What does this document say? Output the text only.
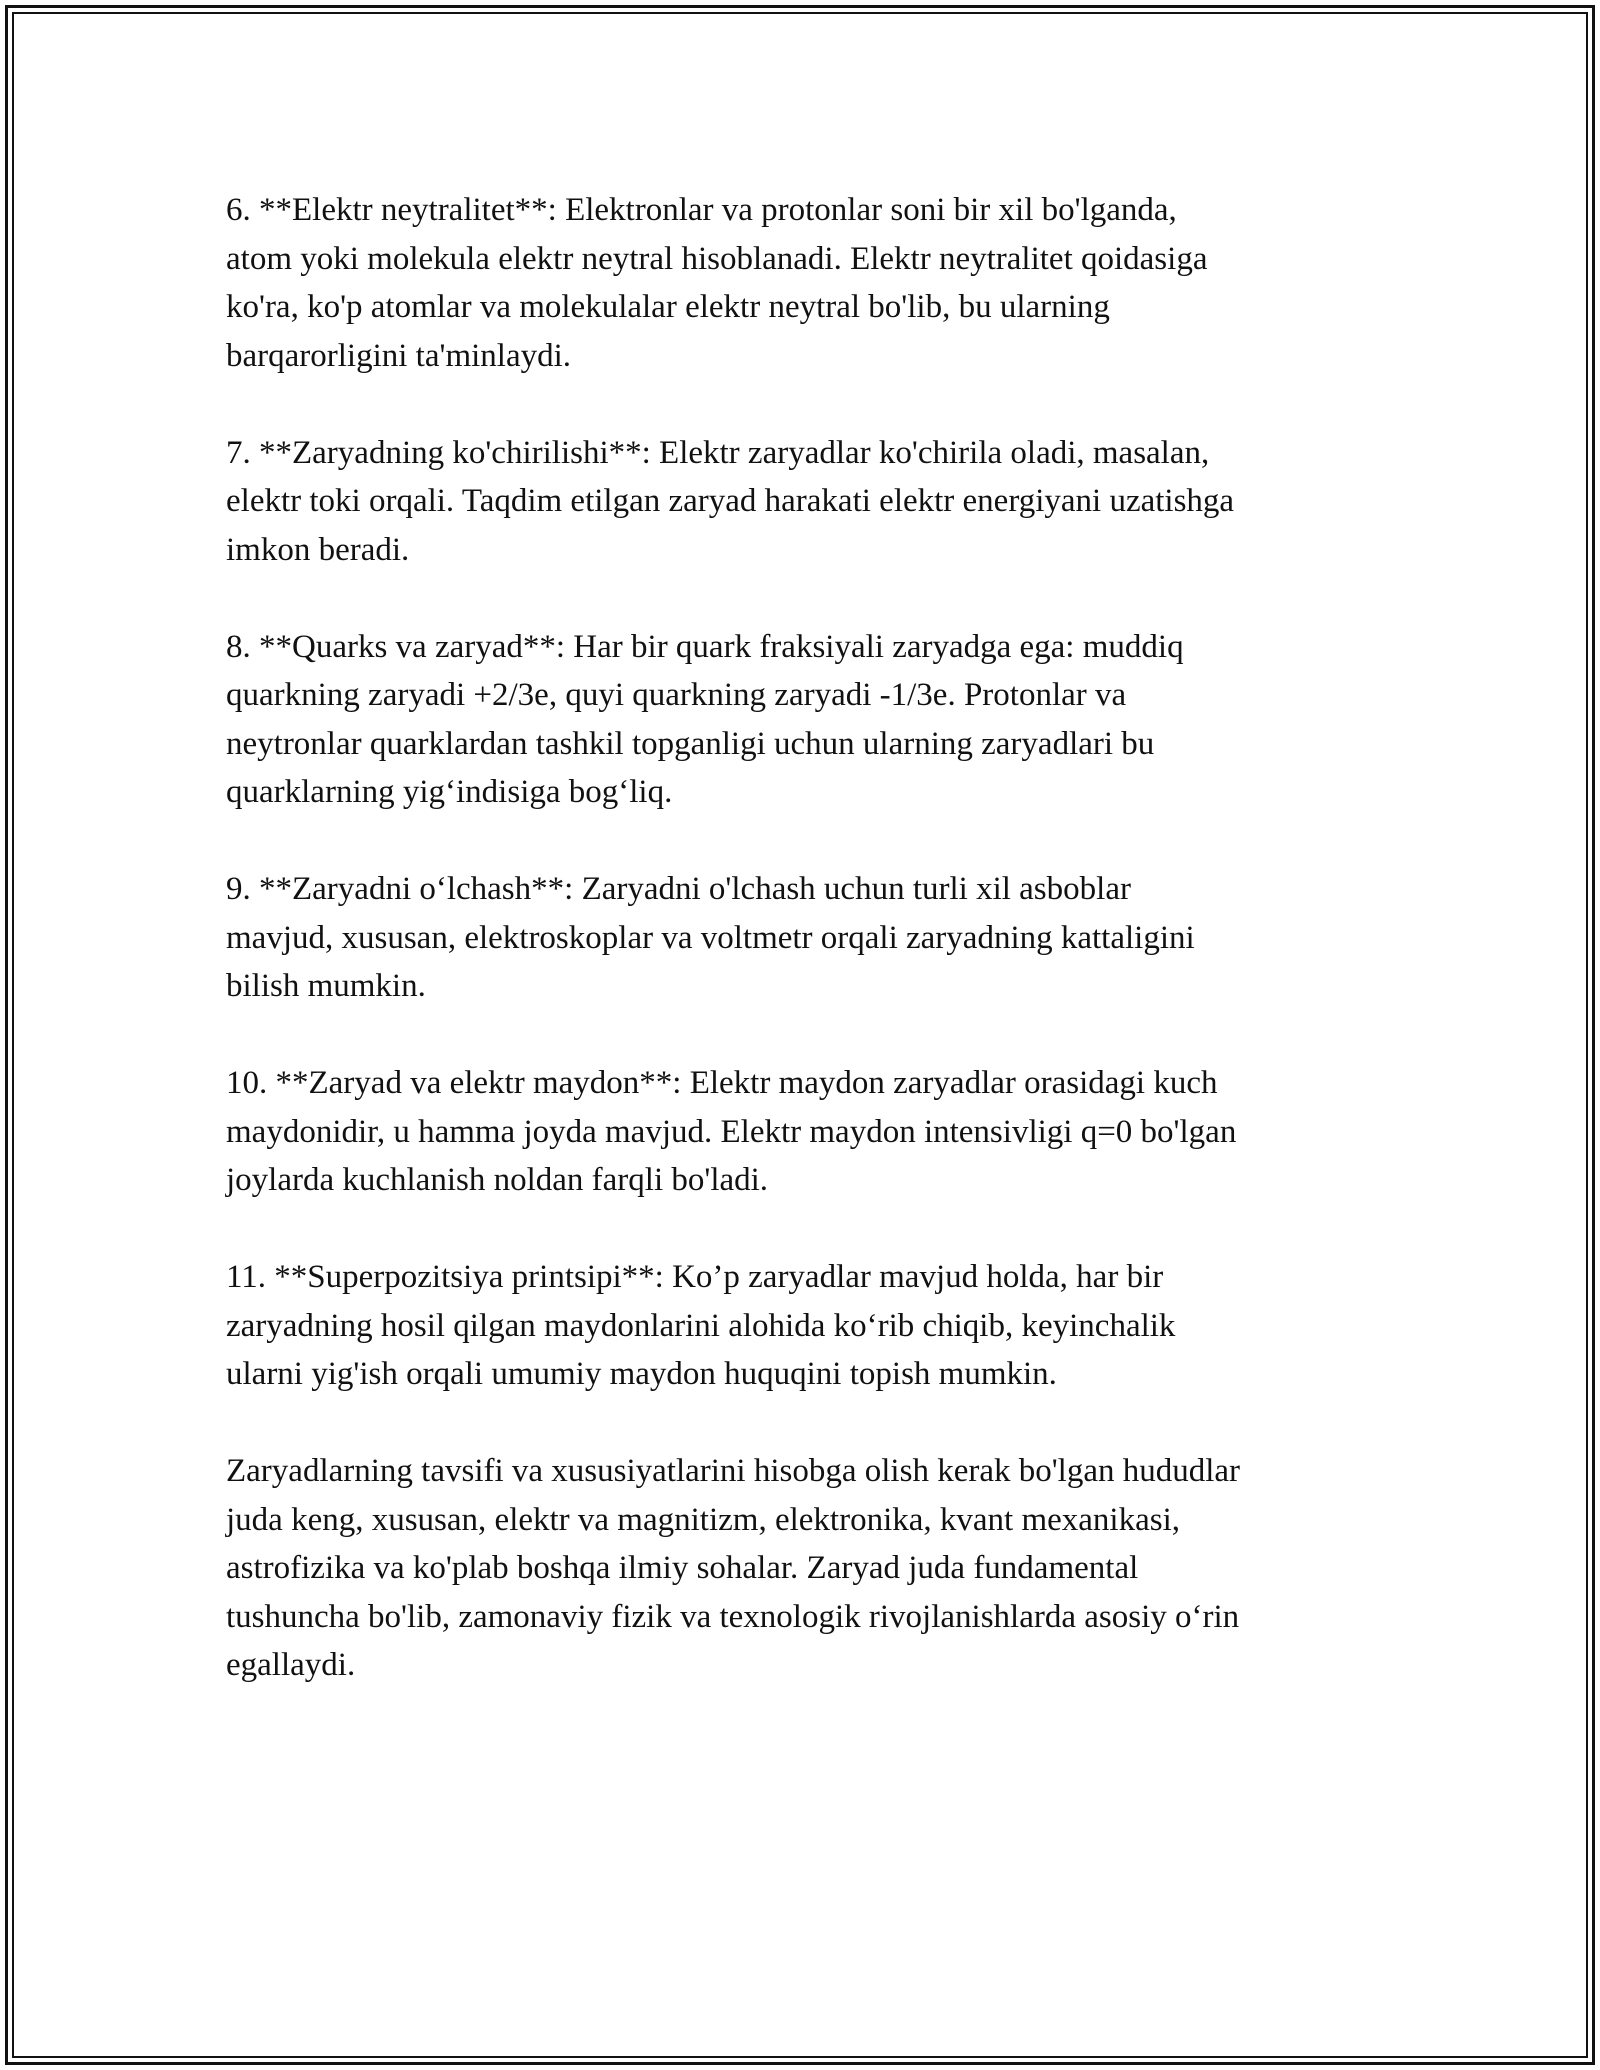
6. **Elektr neytralitet**: Elektronlar va protonlar soni bir xil bo'lganda,
atom yoki molekula elektr neytral hisoblanadi. Elektr neytralitet qoidasiga
ko'ra, ko'p atomlar va molekulalar elektr neytral bo'lib, bu ularning
barqarorligini ta'minlaydi.

7. **Zaryadning ko'chirilishi**: Elektr zaryadlar ko'chirila oladi, masalan,
elektr toki orqali. Taqdim etilgan zaryad harakati elektr energiyani uzatishga
imkon beradi.

8. **Quarks va zaryad**: Har bir quark fraksiyali zaryadga ega: muddiq
quarkning zaryadi +2/3e, quyi quarkning zaryadi -1/3e. Protonlar va
neytronlar quarklardan tashkil topganligi uchun ularning zaryadlari bu
quarklarning yig‘indisiga bog‘liq.

9. **Zaryadni o‘lchash**: Zaryadni o'lchash uchun turli xil asboblar
mavjud, xususan, elektroskoplar va voltmetr orqali zaryadning kattaligini
bilish mumkin.

10. **Zaryad va elektr maydon**: Elektr maydon zaryadlar orasidagi kuch
maydonidir, u hamma joyda mavjud. Elektr maydon intensivligi q=0 bo'lgan
joylarda kuchlanish noldan farqli bo'ladi.

11. **Superpozitsiya printsipi**: Ko’p zaryadlar mavjud holda, har bir
zaryadning hosil qilgan maydonlarini alohida ko‘rib chiqib, keyinchalik
ularni yig'ish orqali umumiy maydon huquqini topish mumkin.

Zaryadlarning tavsifi va xususiyatlarini hisobga olish kerak bo'lgan hududlar
juda keng, xususan, elektr va magnitizm, elektronika, kvant mexanikasi,
astrofizika va ko'plab boshqa ilmiy sohalar. Zaryad juda fundamental
tushuncha bo'lib, zamonaviy fizik va texnologik rivojlanishlarda asosiy o‘rin
egallaydi.
